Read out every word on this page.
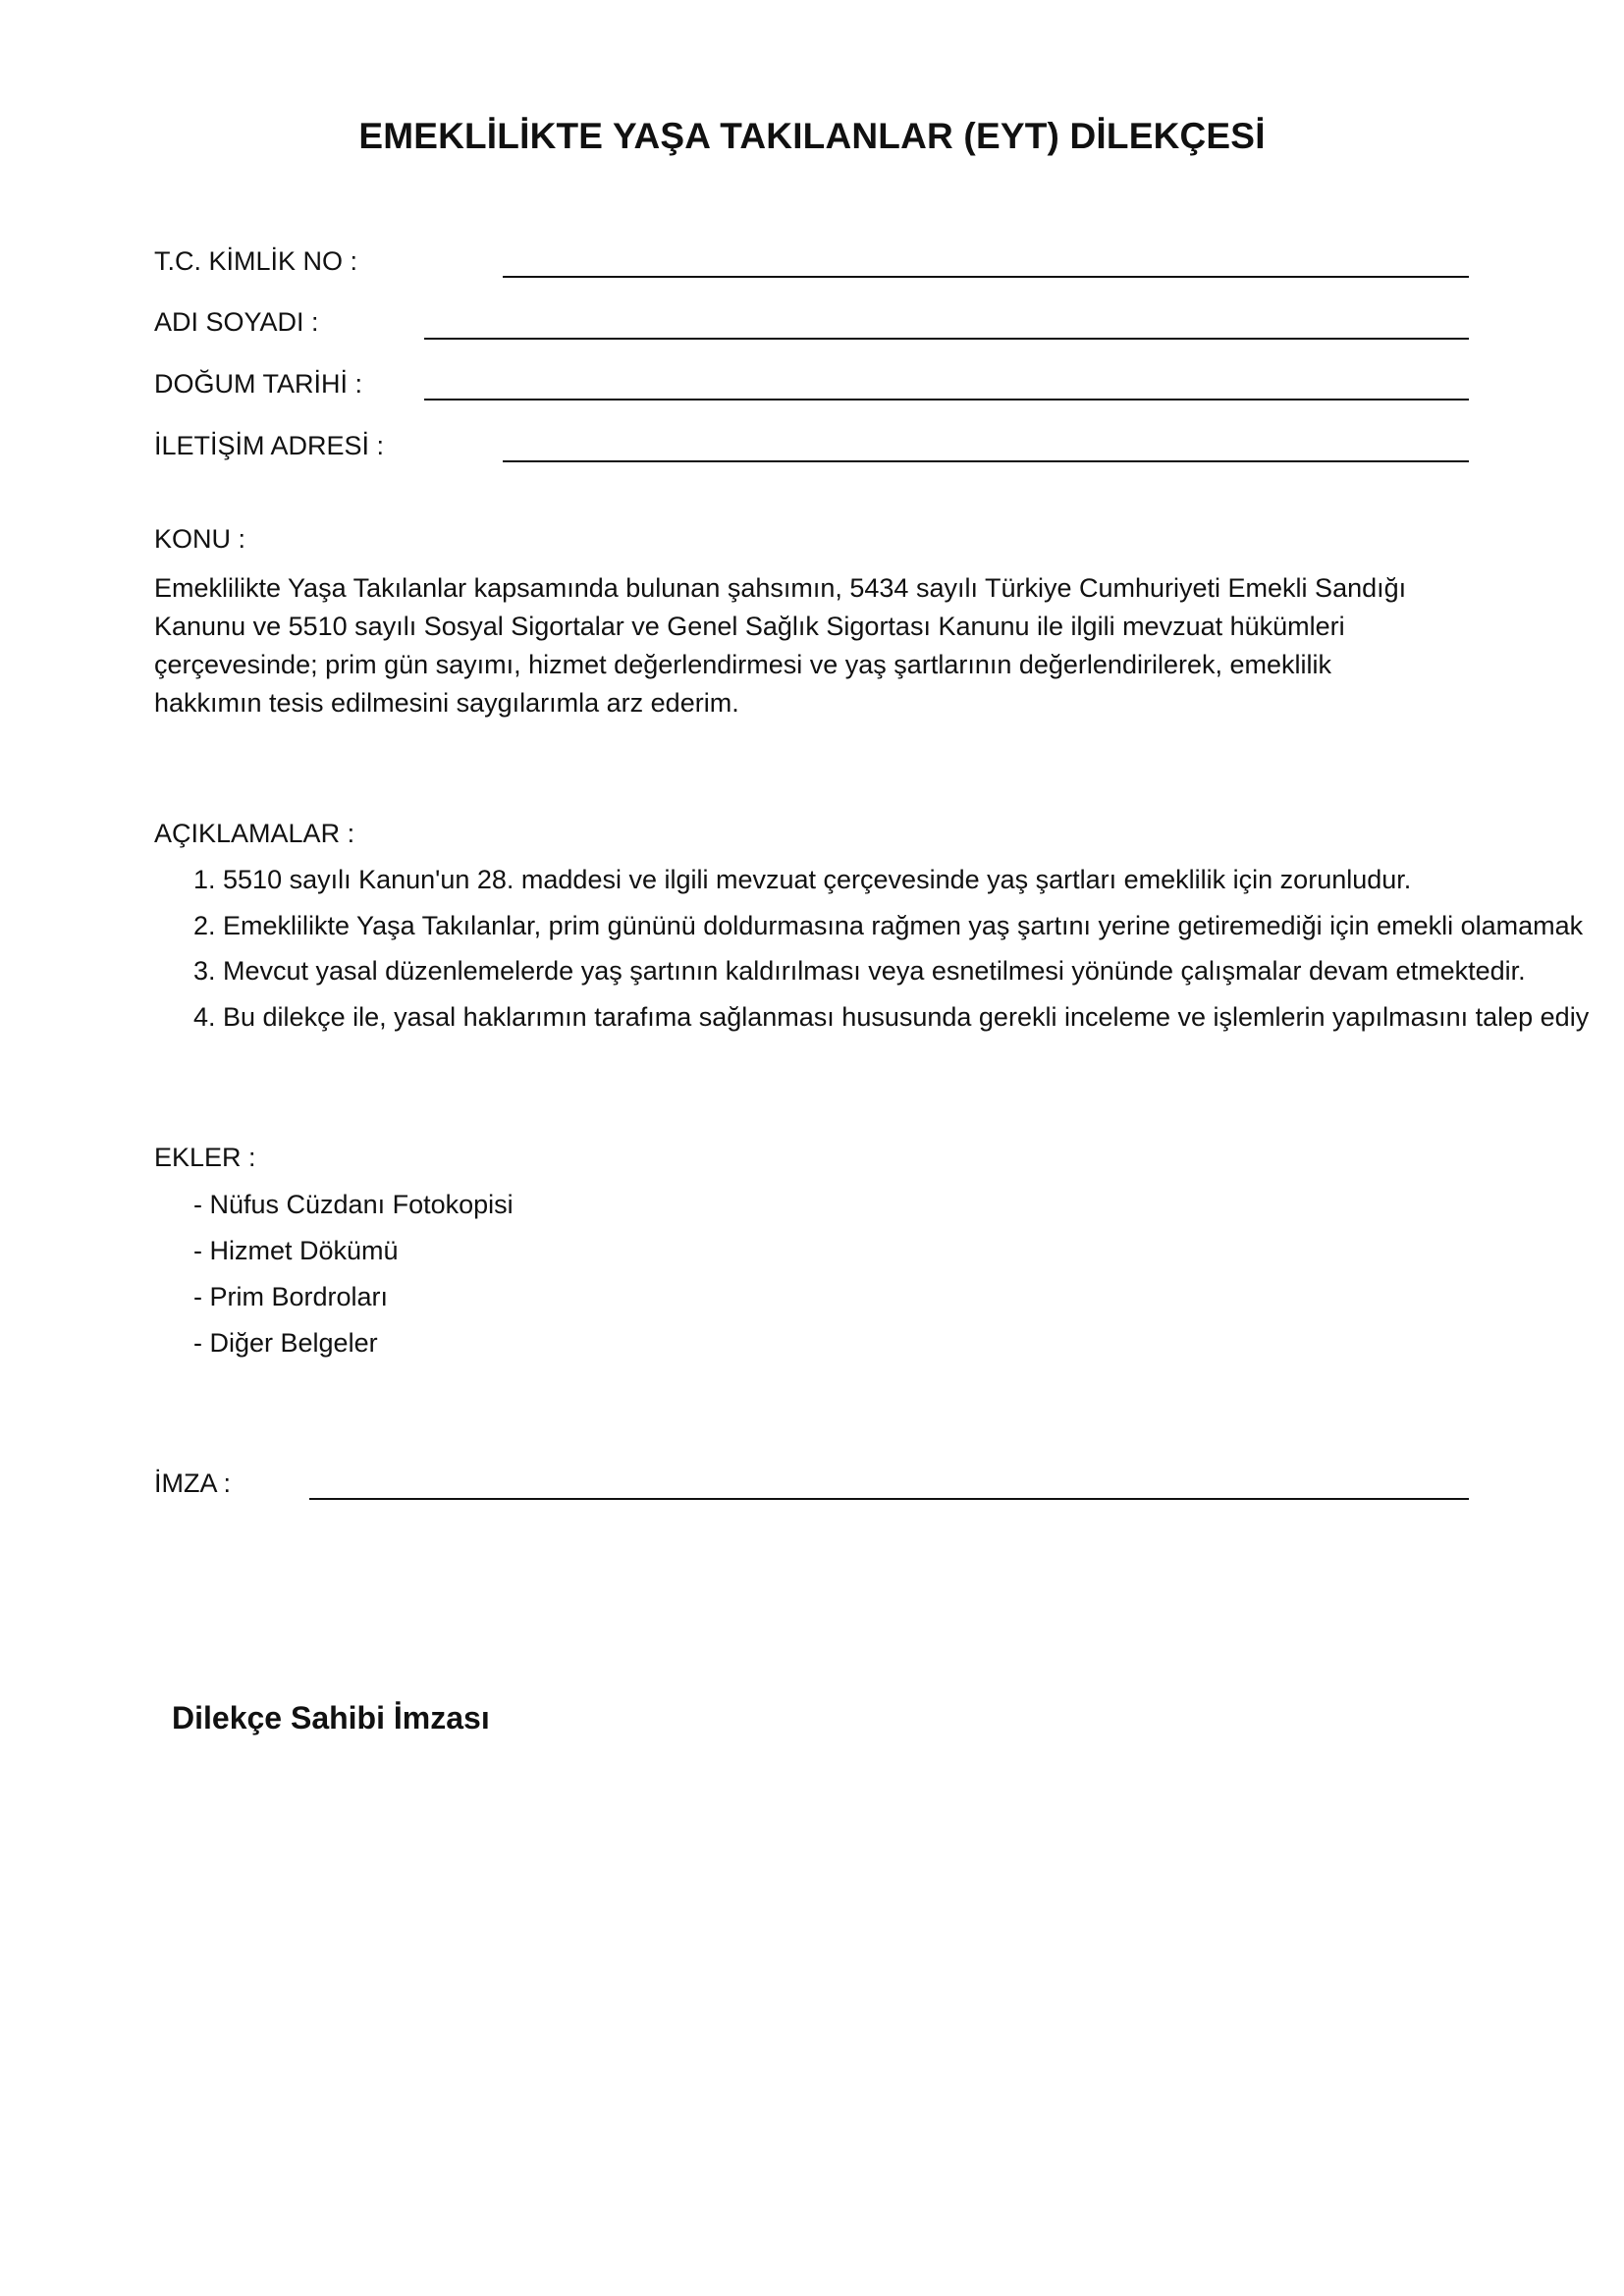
EMEKLİLİKTE YAŞA TAKILANLAR (EYT) DİLEKÇESİ
T.C. KİMLİK NO :
ADI SOYADI :
DOĞUM TARİHİ :
İLETİŞİM ADRESİ :
KONU :
Emeklilikte Yaşa Takılanlar kapsamında bulunan şahsımın, 5434 sayılı Türkiye Cumhuriyeti Emekli Sandığı
Kanunu ve 5510 sayılı Sosyal Sigortalar ve Genel Sağlık Sigortası Kanunu ile ilgili mevzuat hükümleri
çerçevesinde; prim gün sayımı, hizmet değerlendirmesi ve yaş şartlarının değerlendirilerek, emeklilik
hakkımın tesis edilmesini saygılarımla arz ederim.
AÇIKLAMALAR :
1. 5510 sayılı Kanun'un 28. maddesi ve ilgili mevzuat çerçevesinde yaş şartları emeklilik için zorunludur.
2. Emeklilikte Yaşa Takılanlar, prim gününü doldurmasına rağmen yaş şartını yerine getiremediği için emekli olamamak
3. Mevcut yasal düzenlemelerde yaş şartının kaldırılması veya esnetilmesi yönünde çalışmalar devam etmektedir.
4. Bu dilekçe ile, yasal haklarımın tarafıma sağlanması hususunda gerekli inceleme ve işlemlerin yapılmasını talep ediy
EKLER :
- Nüfus Cüzdanı Fotokopisi
- Hizmet Dökümü
- Prim Bordroları
- Diğer Belgeler
İMZA :
Dilekçe Sahibi İmzası
